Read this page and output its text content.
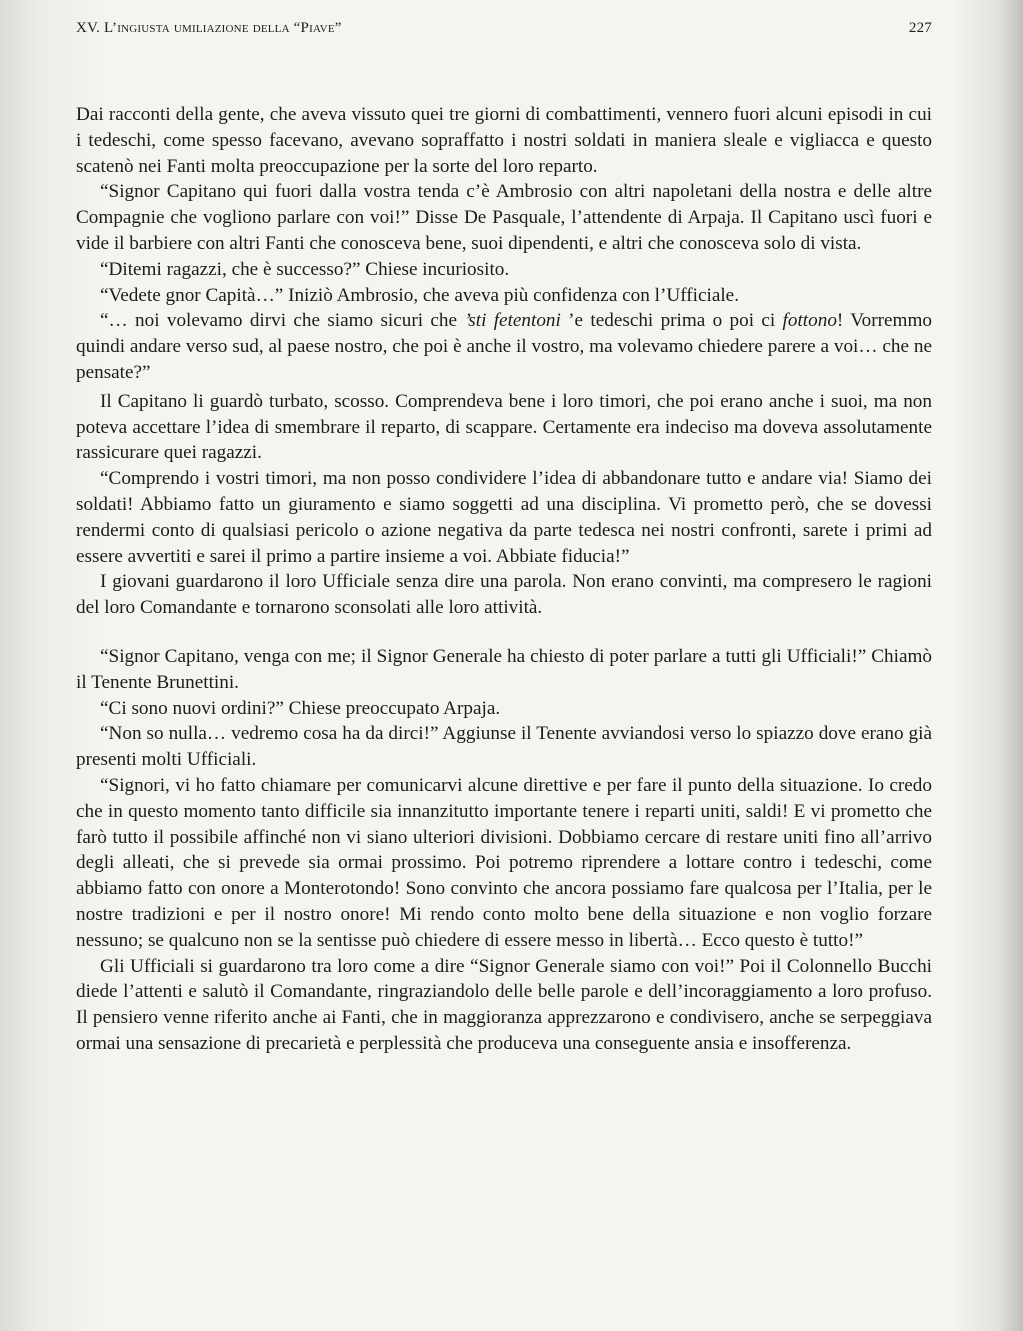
XV. L’ingiusta umiliazione della “Piave”	227

Dai racconti della gente, che aveva vissuto quei tre giorni di combattimenti, vennero fuori alcuni episodi in cui i tedeschi, come spesso facevano, avevano sopraffatto i nostri soldati in maniera sleale e vigliacca e questo scatenò nei Fanti molta preoccupazione per la sorte del loro reparto.

“Signor Capitano qui fuori dalla vostra tenda c’è Ambrosio con altri napoletani della nostra e delle altre Compagnie che vogliono parlare con voi!” Disse De Pasquale, l’attendente di Arpaja. Il Capitano uscì fuori e vide il barbiere con altri Fanti che conosceva bene, suoi dipendenti, e altri che conosceva solo di vista.

“Ditemi ragazzi, che è successo?” Chiese incuriosito.

“Vedete gnor Capità…” Iniziò Ambrosio, che aveva più confidenza con l’Ufficiale.

“… noi volevamo dirvi che siamo sicuri che ’sti fetentoni ’e tedeschi prima o poi ci fottono! Vorremmo quindi andare verso sud, al paese nostro, che poi è anche il vostro, ma volevamo chiedere parere a voi… che ne pensate?”

Il Capitano li guardò turbato, scosso. Comprendeva bene i loro timori, che poi erano anche i suoi, ma non poteva accettare l’idea di smembrare il reparto, di scappare. Certamente era indeciso ma doveva assolutamente rassicurare quei ragazzi.

“Comprendo i vostri timori, ma non posso condividere l’idea di abbandonare tutto e andare via! Siamo dei soldati! Abbiamo fatto un giuramento e siamo soggetti ad una disciplina. Vi prometto però, che se dovessi rendermi conto di qualsiasi pericolo o azione negativa da parte tedesca nei nostri confronti, sarete i primi ad essere avvertiti e sarei il primo a partire insieme a voi. Abbiate fiducia!”

I giovani guardarono il loro Ufficiale senza dire una parola. Non erano convinti, ma compresero le ragioni del loro Comandante e tornarono sconsolati alle loro attività.

“Signor Capitano, venga con me; il Signor Generale ha chiesto di poter parlare a tutti gli Ufficiali!” Chiamò il Tenente Brunettini.

“Ci sono nuovi ordini?” Chiese preoccupato Arpaja.

“Non so nulla… vedremo cosa ha da dirci!” Aggiunse il Tenente avviandosi verso lo spiazzo dove erano già presenti molti Ufficiali.

“Signori, vi ho fatto chiamare per comunicarvi alcune direttive e per fare il punto della situazione. Io credo che in questo momento tanto difficile sia innanzitutto importante tenere i reparti uniti, saldi! E vi prometto che farò tutto il possibile affinché non vi siano ulteriori divisioni. Dobbiamo cercare di restare uniti fino all’arrivo degli alleati, che si prevede sia ormai prossimo. Poi potremo riprendere a lottare contro i tedeschi, come abbiamo fatto con onore a Monterotondo! Sono convinto che ancora possiamo fare qualcosa per l’Italia, per le nostre tradizioni e per il nostro onore! Mi rendo conto molto bene della situazione e non voglio forzare nessuno; se qualcuno non se la sentisse può chiedere di essere messo in libertà… Ecco questo è tutto!”

Gli Ufficiali si guardarono tra loro come a dire “Signor Generale siamo con voi!” Poi il Colonnello Bucchi diede l’attenti e salutò il Comandante, ringraziandolo delle belle parole e dell’incoraggiamento a loro profuso. Il pensiero venne riferito anche ai Fanti, che in maggioranza apprezzarono e condivisero, anche se serpeggiava ormai una sensazione di precarietà e perplessità che produceva una conseguente ansia e insofferenza.
